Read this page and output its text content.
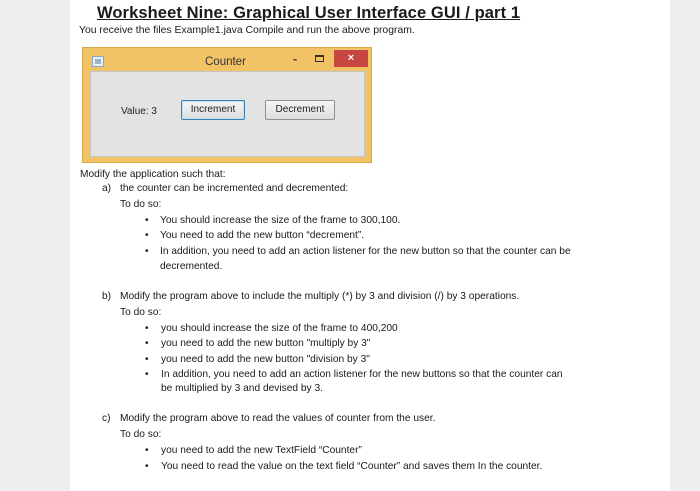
Worksheet Nine: Graphical User Interface GUI / part 1
You receive the files Example1.java Compile and run the above program.
Counter	-	×
Value: 3	Increment	Decrement
Modify the application such that:
a) the counter can be incremented and decremented:
To do so:
• You should increase the size of the frame to 300,100.
• You need to add the new button “decrement”.
• In addition, you need to add an action listener for the new button so that the counter can be
decremented.
b) Modify the program above to include the multiply (*) by 3 and division (/) by 3 operations.
To do so:
• you should increase the size of the frame to 400,200
• you need to add the new button "multiply by 3"
• you need to add the new button "division by 3"
• In addition, you need to add an action listener for the new buttons so that the counter can
be multiplied by 3 and devised by 3.
c) Modify the program above to read the values of counter from the user.
To do so:
• you need to add the new TextField “Counter”
• You need to read the value on the text field “Counter” and saves them In the counter.
